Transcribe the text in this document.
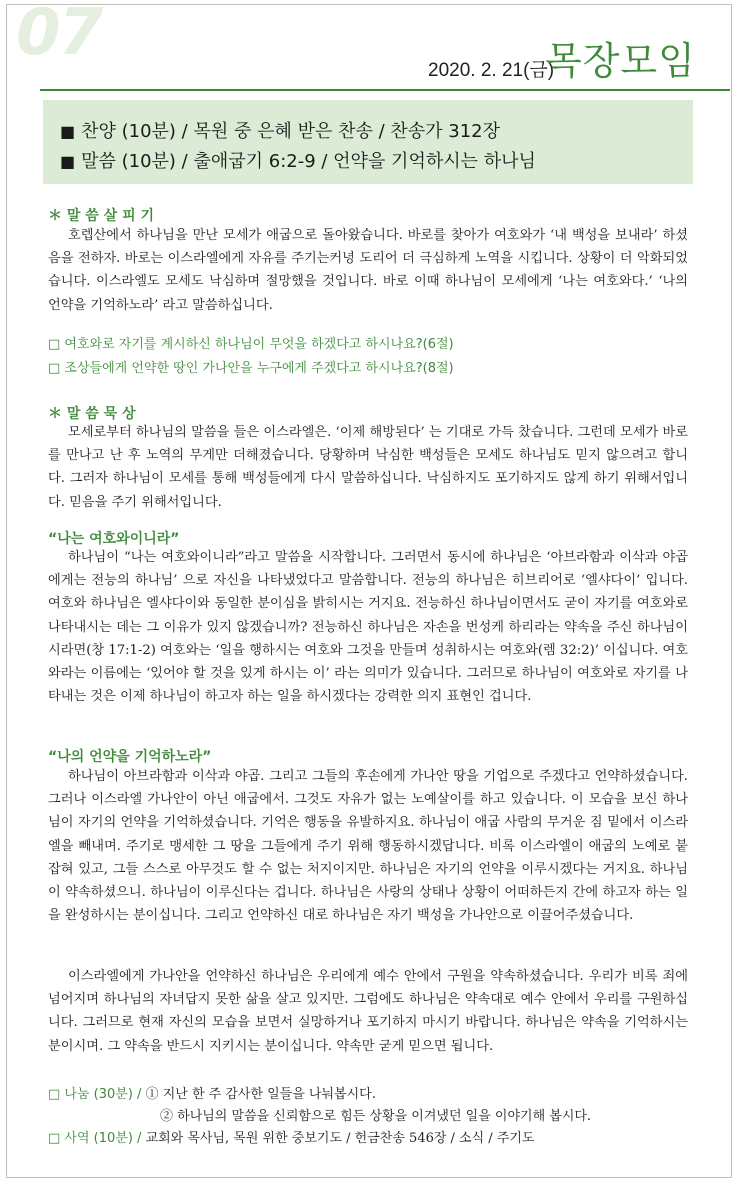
07
2020. 2. 21(금)
목장모임
■ 찬양 (10분) / 목원 중 은혜 받은 찬송 / 찬송가 312장
■ 말씀 (10분) / 출애굽기 6:2-9 / 언약을 기억하시는 하나님
＊ 말 씀 살 피 기

호렙산에서 하나님을 만난 모세가 애굽으로 돌아왔습니다. 바로를 찾아가 여호와가 ‘내 백성을 보내라’ 하셨음을 전하자. 바로는 이스라엘에게 자유를 주기는커녕 도리어 더 극심하게 노역을 시킵니다. 상황이 더 악화되었습니다. 이스라엘도 모세도 낙심하며 절망했을 것입니다. 바로 이때 하나님이 모세에게 ‘나는 여호와다.’ ‘나의 언약을 기억하노라’ 라고 말씀하십니다.

□ 여호와로 자기를 계시하신 하나님이 무엇을 하겠다고 하시나요?(6절)
□ 조상들에게 언약한 땅인 가나안을 누구에게 주겠다고 하시나요?(8절)
＊ 말 씀 묵 상

모세로부터 하나님의 말씀을 들은 이스라엘은. ‘이제 해방된다’ 는 기대로 가득 찼습니다. 그런데 모세가 바로를 만나고 난 후 노역의 무게만 더해졌습니다. 당황하며 낙심한 백성들은 모세도 하나님도 믿지 않으려고 합니다. 그러자 하나님이 모세를 통해 백성들에게 다시 말씀하십니다. 낙심하지도 포기하지도 않게 하기 위해서입니다. 믿음을 주기 위해서입니다.

“나는 여호와이니라”

하나님이 “나는 여호와이니라”라고 말씀을 시작합니다. 그러면서 동시에 하나님은 ‘아브라함과 이삭과 야곱에게는 전능의 하나님’ 으로 자신을 나타냈었다고 말씀합니다. 전능의 하나님은 히브리어로 ‘엘샤다이’ 입니다. 여호와 하나님은 엘샤다이와 동일한 분이심을 밝히시는 거지요. 전능하신 하나님이면서도 굳이 자기를 여호와로 나타내시는 데는 그 이유가 있지 않겠습니까? 전능하신 하나님은 자손을 번성케 하리라는 약속을 주신 하나님이시라면(창 17:1-2) 여호와는 ‘일을 행하시는 여호와 그것을 만들며 성취하시는 여호와(렘 32:2)’ 이십니다. 여호와라는 이름에는 ‘있어야 할 것을 있게 하시는 이’ 라는 의미가 있습니다. 그러므로 하나님이 여호와로 자기를 나타내는 것은 이제 하나님이 하고자 하는 일을 하시겠다는 강력한 의지 표현인 겁니다.

“나의 언약을 기억하노라”

하나님이 아브라함과 이삭과 야곱. 그리고 그들의 후손에게 가나안 땅을 기업으로 주겠다고 언약하셨습니다. 그러나 이스라엘 가나안이 아닌 애굽에서. 그것도 자유가 없는 노예살이를 하고 있습니다. 이 모습을 보신 하나님이 자기의 언약을 기억하셨습니다. 기억은 행동을 유발하지요. 하나님이 애굽 사람의 무거운 짐 밑에서 이스라엘을 빼내며. 주기로 맹세한 그 땅을 그들에게 주기 위해 행동하시겠답니다. 비록 이스라엘이 애굽의 노예로 붙잡혀 있고, 그들 스스로 아무것도 할 수 없는 처지이지만. 하나님은 자기의 언약을 이루시겠다는 거지요. 하나님이 약속하셨으니. 하나님이 이루신다는 겁니다. 하나님은 사랑의 상태나 상황이 어떠하든지 간에 하고자 하는 일을 완성하시는 분이십니다. 그리고 언약하신 대로 하나님은 자기 백성을 가나안으로 이끌어주셨습니다.

이스라엘에게 가나안을 언약하신 하나님은 우리에게 예수 안에서 구원을 약속하셨습니다. 우리가 비록 죄에 넘어지며 하나님의 자녀답지 못한 삶을 살고 있지만. 그럼에도 하나님은 약속대로 예수 안에서 우리를 구원하십니다. 그러므로 현재 자신의 모습을 보면서 실망하거나 포기하지 마시기 바랍니다. 하나님은 약속을 기억하시는 분이시며. 그 약속을 반드시 지키시는 분이십니다. 약속만 굳게 믿으면 됩니다.

□ 나눔 (30분) / ① 지난 한 주 감사한 일들을 나눠봅시다.
② 하나님의 말씀을 신뢰함으로 힘든 상황을 이겨냈던 일을 이야기해 봅시다.
□ 사역 (10분) / 교회와 목사님, 목원 위한 중보기도 / 헌금찬송 546장 / 소식 / 주기도
